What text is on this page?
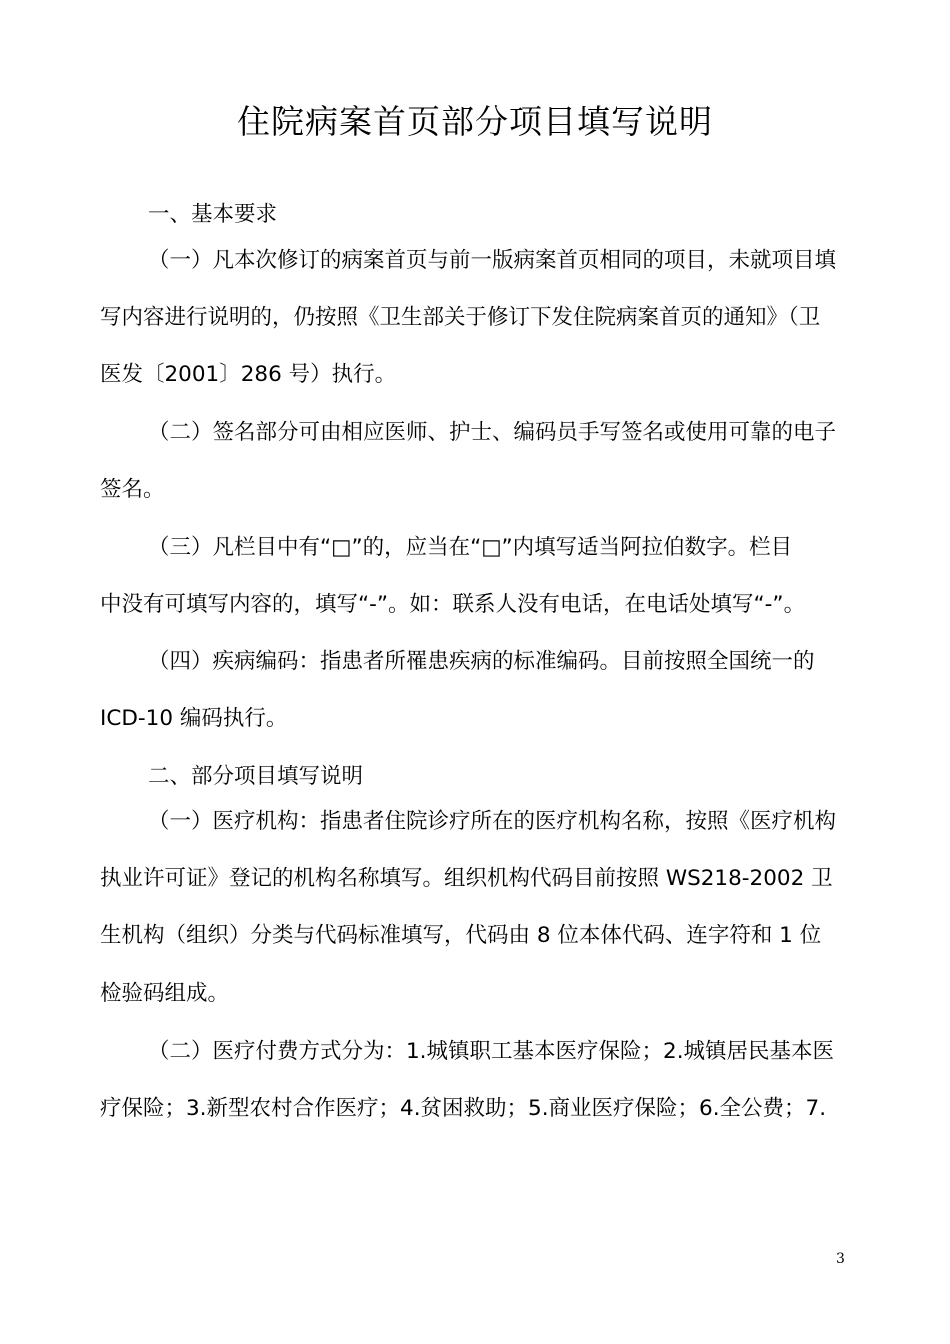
住院病案首页部分项目填写说明
一、基本要求
（一）凡本次修订的病案首页与前一版病案首页相同的项目，未就项目填
写内容进行说明的，仍按照《卫生部关于修订下发住院病案首页的通知》（卫
医发〔2001〕286 号）执行。
（二）签名部分可由相应医师、护士、编码员手写签名或使用可靠的电子
签名。
（三）凡栏目中有“□”的，应当在“□”内填写适当阿拉伯数字。栏目
中没有可填写内容的，填写“-”。如：联系人没有电话，在电话处填写“-”。
（四）疾病编码：指患者所罹患疾病的标准编码。目前按照全国统一的
ICD-10 编码执行。
二、部分项目填写说明
（一）医疗机构：指患者住院诊疗所在的医疗机构名称，按照《医疗机构
执业许可证》登记的机构名称填写。组织机构代码目前按照 WS218-2002 卫
生机构（组织）分类与代码标准填写，代码由 8 位本体代码、连字符和 1 位
检验码组成。
（二）医疗付费方式分为：1.城镇职工基本医疗保险；2.城镇居民基本医
疗保险；3.新型农村合作医疗；4.贫困救助；5.商业医疗保险；6.全公费；7.
3
